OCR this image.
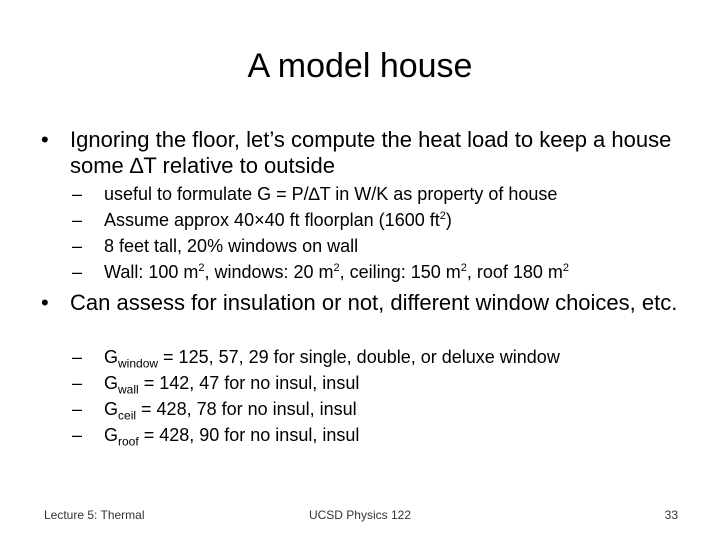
A model house
• Ignoring the floor, let’s compute the heat load to keep a house some ∆T relative to outside
– useful to formulate G = P/∆T in W/K as property of house
– Assume approx 40×40 ft floorplan (1600 $ft^2$)
– 8 feet tall, 20% windows on wall
– Wall: 100 $m^2$, windows: 20 $m^2$, ceiling: 150 $m^2$, roof 180 $m^2$
• Can assess for insulation or not, different window choices, etc.
– $G_{window} = 125$, 57, 29 for single, double, or deluxe window
– $G_{wall} = 142$, 47 for no insul, insul
– $G_{ceil} = 428$, 78 for no insul, insul
– $G_{roof} = 428$, 90 for no insul, insul
Lecture 5: Thermal	UCSD Physics 122	33
